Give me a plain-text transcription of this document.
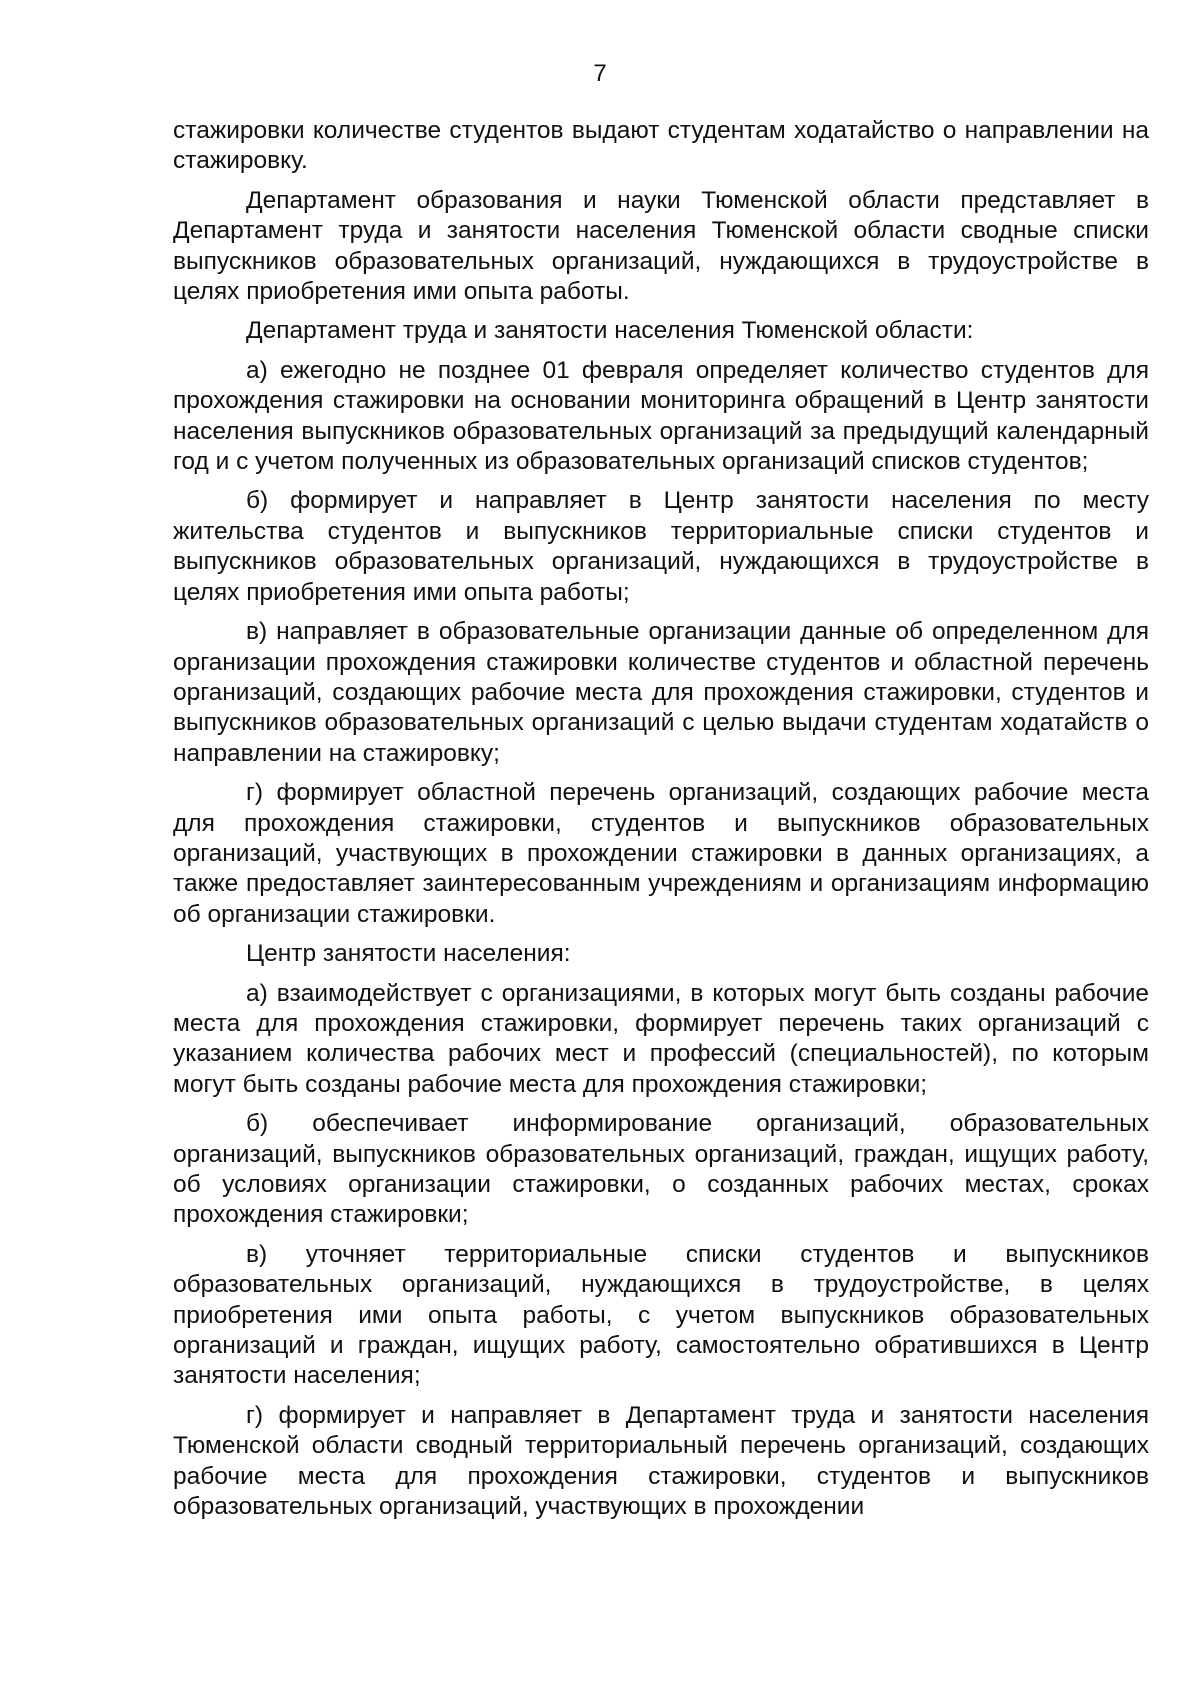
7

стажировки количестве студентов выдают студентам ходатайство о направлении на стажировку.

Департамент образования и науки Тюменской области представляет в Департамент труда и занятости населения Тюменской области сводные списки выпускников образовательных организаций, нуждающихся в трудоустройстве в целях приобретения ими опыта работы.

Департамент труда и занятости населения Тюменской области:

а) ежегодно не позднее 01 февраля определяет количество студентов для прохождения стажировки на основании мониторинга обращений в Центр занятости населения выпускников образовательных организаций за предыдущий календарный год и с учетом полученных из образовательных организаций списков студентов;

б) формирует и направляет в Центр занятости населения по месту жительства студентов и выпускников территориальные списки студентов и выпускников образовательных организаций, нуждающихся в трудоустройстве в целях приобретения ими опыта работы;

в) направляет в образовательные организации данные об определенном для организации прохождения стажировки количестве студентов и областной перечень организаций, создающих рабочие места для прохождения стажировки, студентов и выпускников образовательных организаций с целью выдачи студентам ходатайств о направлении на стажировку;

г) формирует областной перечень организаций, создающих рабочие места для прохождения стажировки, студентов и выпускников образовательных организаций, участвующих в прохождении стажировки в данных организациях, а также предоставляет заинтересованным учреждениям и организациям информацию об организации стажировки.

Центр занятости населения:

а) взаимодействует с организациями, в которых могут быть созданы рабочие места для прохождения стажировки, формирует перечень таких организаций с указанием количества рабочих мест и профессий (специальностей), по которым могут быть созданы рабочие места для прохождения стажировки;

б) обеспечивает информирование организаций, образовательных организаций, выпускников образовательных организаций, граждан, ищущих работу, об условиях организации стажировки, о созданных рабочих местах, сроках прохождения стажировки;

в) уточняет территориальные списки студентов и выпускников образовательных организаций, нуждающихся в трудоустройстве, в целях приобретения ими опыта работы, с учетом выпускников образовательных организаций и граждан, ищущих работу, самостоятельно обратившихся в Центр занятости населения;

г) формирует и направляет в Департамент труда и занятости населения Тюменской области сводный территориальный перечень организаций, создающих рабочие места для прохождения стажировки, студентов и выпускников образовательных организаций, участвующих в прохождении
